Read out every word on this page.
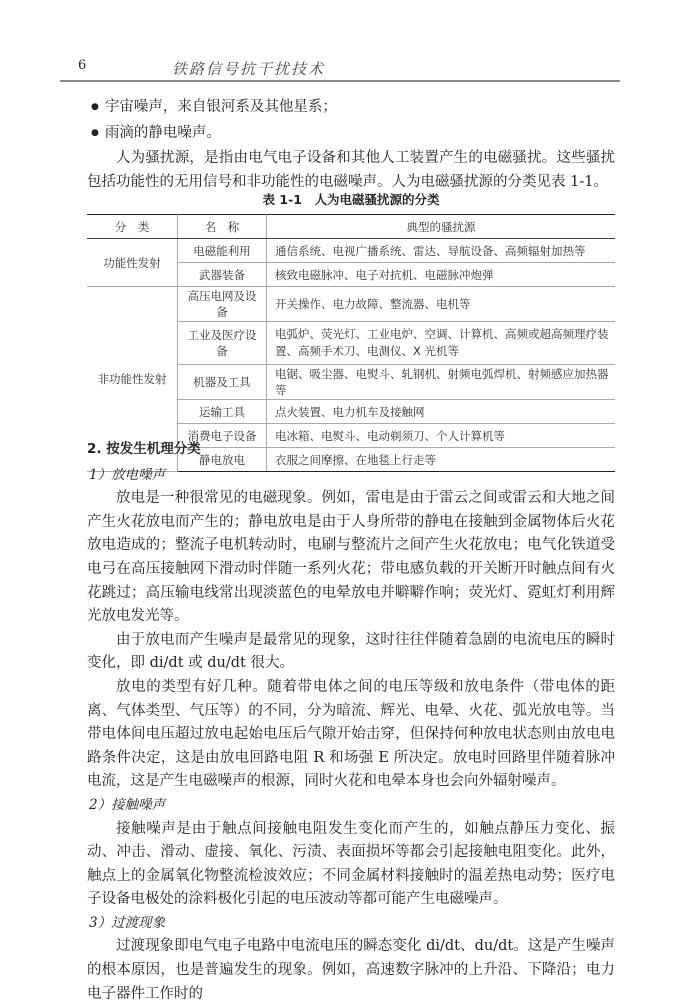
6	铁路信号抗干扰技术
● 宇宙噪声，来自银河系及其他星系；
● 雨滴的静电噪声。

人为骚扰源，是指由电气电子设备和其他人工装置产生的电磁骚扰。这些骚扰包括功能性的无用信号和非功能性的电磁噪声。人为电磁骚扰源的分类见表 1-1。

表 1-1　人为电磁骚扰源的分类
分　类	名　称	典型的骚扰源
功能性发射	电磁能利用	通信系统、电视广播系统、雷达、导航设备、高频辐射加热等
	武器装备	核致电磁脉冲、电子对抗机、电磁脉冲炮弹
非功能性发射	高压电网及设备	开关操作、电力故障、整流器、电机等
	工业及医疗设备	电弧炉、荧光灯、工业电炉、空调、计算机、高频或超高频理疗装置、高频手术刀、电测仪、X 光机等
	机器及工具	电锯、吸尘器、电熨斗、轧钢机、射频电弧焊机、射频感应加热器等
	运输工具	点火装置、电力机车及接触网
	消费电子设备	电冰箱、电熨斗、电动剃须刀、个人计算机等
	静电放电	衣服之间摩擦、在地毯上行走等
2. 按发生机理分类
1）放电噪声

放电是一种很常见的电磁现象。例如，雷电是由于雷云之间或雷云和大地之间产生火花放电而产生的；静电放电是由于人身所带的静电在接触到金属物体后火花放电造成的；整流子电机转动时，电刷与整流片之间产生火花放电；电气化铁道受电弓在高压接触网下滑动时伴随一系列火花；带电感负载的开关断开时触点间有火花跳过；高压输电线常出现淡蓝色的电晕放电并噼噼作响；荧光灯、霓虹灯利用辉光放电发光等。

由于放电而产生噪声是最常见的现象，这时往往伴随着急剧的电流电压的瞬时变化，即 di/dt 或 du/dt 很大。

放电的类型有好几种。随着带电体之间的电压等级和放电条件（带电体的距离、气体类型、气压等）的不同，分为暗流、辉光、电晕、火花、弧光放电等。当带电体间电压超过放电起始电压后气隙开始击穿，但保持何种放电状态则由放电电路条件决定，这是由放电回路电阻 R 和场强 E 所决定。放电时回路里伴随着脉冲电流，这是产生电磁噪声的根源，同时火花和电晕本身也会向外辐射噪声。

2）接触噪声

接触噪声是由于触点间接触电阻发生变化而产生的，如触点静压力变化、振动、冲击、滑动、虚接、氧化、污渍、表面损坏等都会引起接触电阻变化。此外，触点上的金属氧化物整流检波效应；不同金属材料接触时的温差热电动势；医疗电子设备电极处的涂料极化引起的电压波动等都可能产生电磁噪声。

3）过渡现象

过渡现象即电气电子电路中电流电压的瞬态变化 di/dt、du/dt。这是产生噪声的根本原因，也是普遍发生的现象。例如，高速数字脉冲的上升沿、下降沿；电力电子器件工作时的
